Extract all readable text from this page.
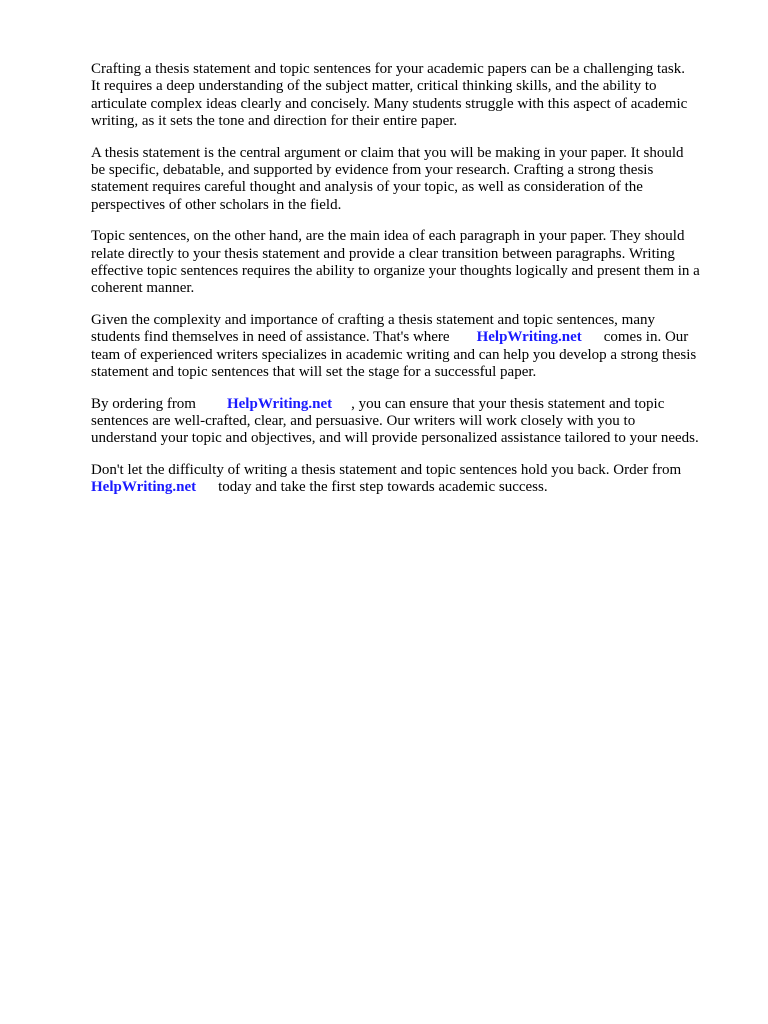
Crafting a thesis statement and topic sentences for your academic papers can be a challenging task.
It requires a deep understanding of the subject matter, critical thinking skills, and the ability to
articulate complex ideas clearly and concisely. Many students struggle with this aspect of academic
writing, as it sets the tone and direction for their entire paper.
A thesis statement is the central argument or claim that you will be making in your paper. It should
be specific, debatable, and supported by evidence from your research. Crafting a strong thesis
statement requires careful thought and analysis of your topic, as well as consideration of the
perspectives of other scholars in the field.
Topic sentences, on the other hand, are the main idea of each paragraph in your paper. They should
relate directly to your thesis statement and provide a clear transition between paragraphs. Writing
effective topic sentences requires the ability to organize your thoughts logically and present them in a
coherent manner.
Given the complexity and importance of crafting a thesis statement and topic sentences, many
students find themselves in need of assistance. That's where HelpWriting.net comes in. Our
team of experienced writers specializes in academic writing and can help you develop a strong thesis
statement and topic sentences that will set the stage for a successful paper.
By ordering from HelpWriting.net , you can ensure that your thesis statement and topic
sentences are well-crafted, clear, and persuasive. Our writers will work closely with you to
understand your topic and objectives, and will provide personalized assistance tailored to your needs.
Don't let the difficulty of writing a thesis statement and topic sentences hold you back. Order from
HelpWriting.net today and take the first step towards academic success.
